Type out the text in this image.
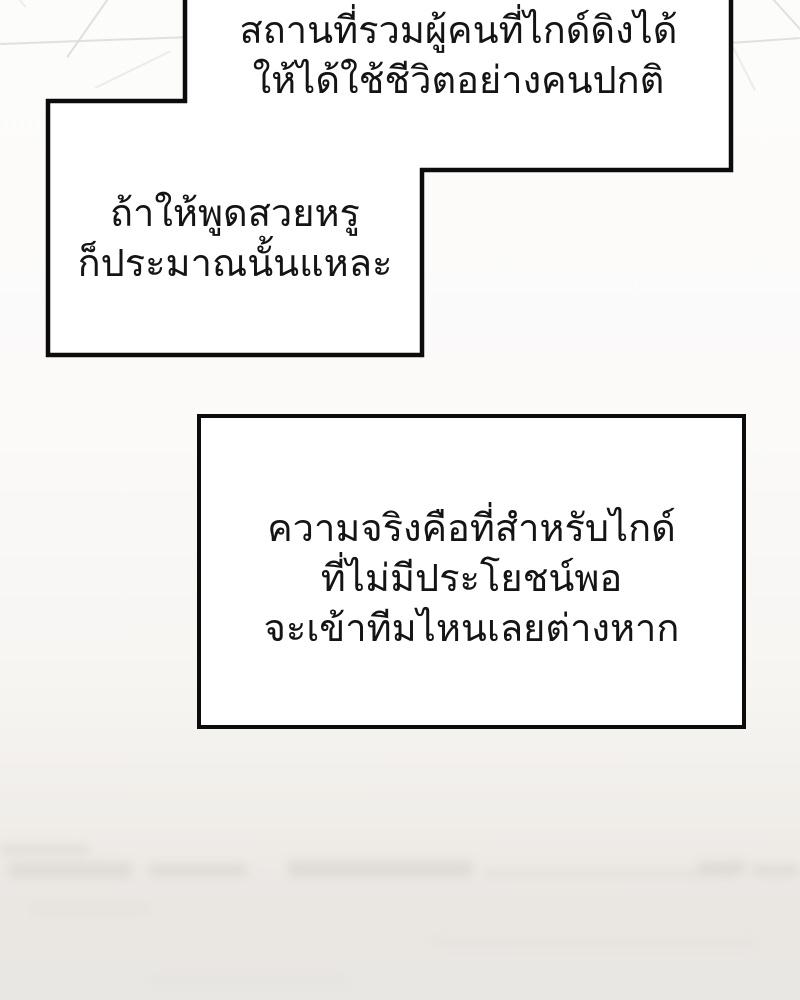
สถานที่รวมผู้คนที่ไกด์ดิงได้
ให้ได้ใช้ชีวิตอย่างคนปกติ
ถ้าให้พูดสวยหรู
ก็ประมาณนั้นแหละ
ความจริงคือที่สำหรับไกด์
ที่ไม่มีประโยชน์พอ
จะเข้าทีมไหนเลยต่างหาก
